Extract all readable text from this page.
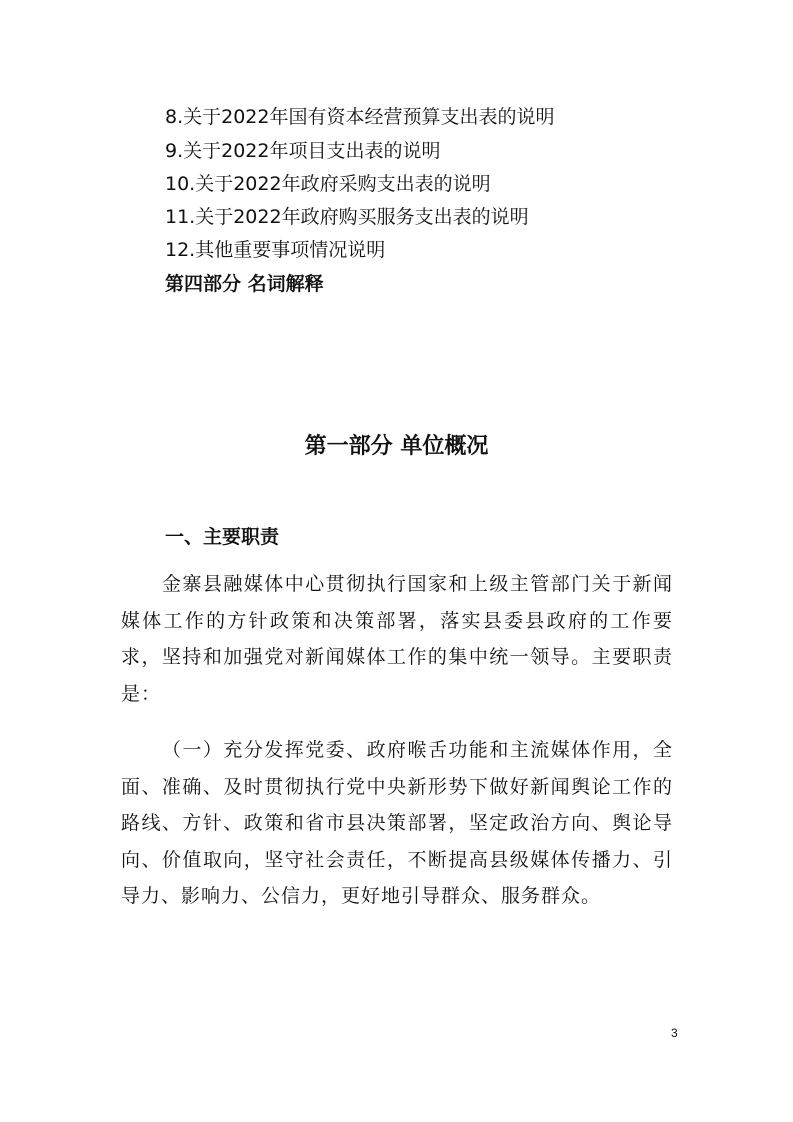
8.关于2022年国有资本经营预算支出表的说明
9.关于2022年项目支出表的说明
10.关于2022年政府采购支出表的说明
11.关于2022年政府购买服务支出表的说明
12.其他重要事项情况说明
第四部分 名词解释
第一部分 单位概况
一、主要职责
金寨县融媒体中心贯彻执行国家和上级主管部门关于新闻媒体工作的方针政策和决策部署，落实县委县政府的工作要求，坚持和加强党对新闻媒体工作的集中统一领导。主要职责是：
（一）充分发挥党委、政府喉舌功能和主流媒体作用，全面、准确、及时贯彻执行党中央新形势下做好新闻舆论工作的路线、方针、政策和省市县决策部署，坚定政治方向、舆论导向、价值取向，坚守社会责任，不断提高县级媒体传播力、引导力、影响力、公信力，更好地引导群众、服务群众。
3
